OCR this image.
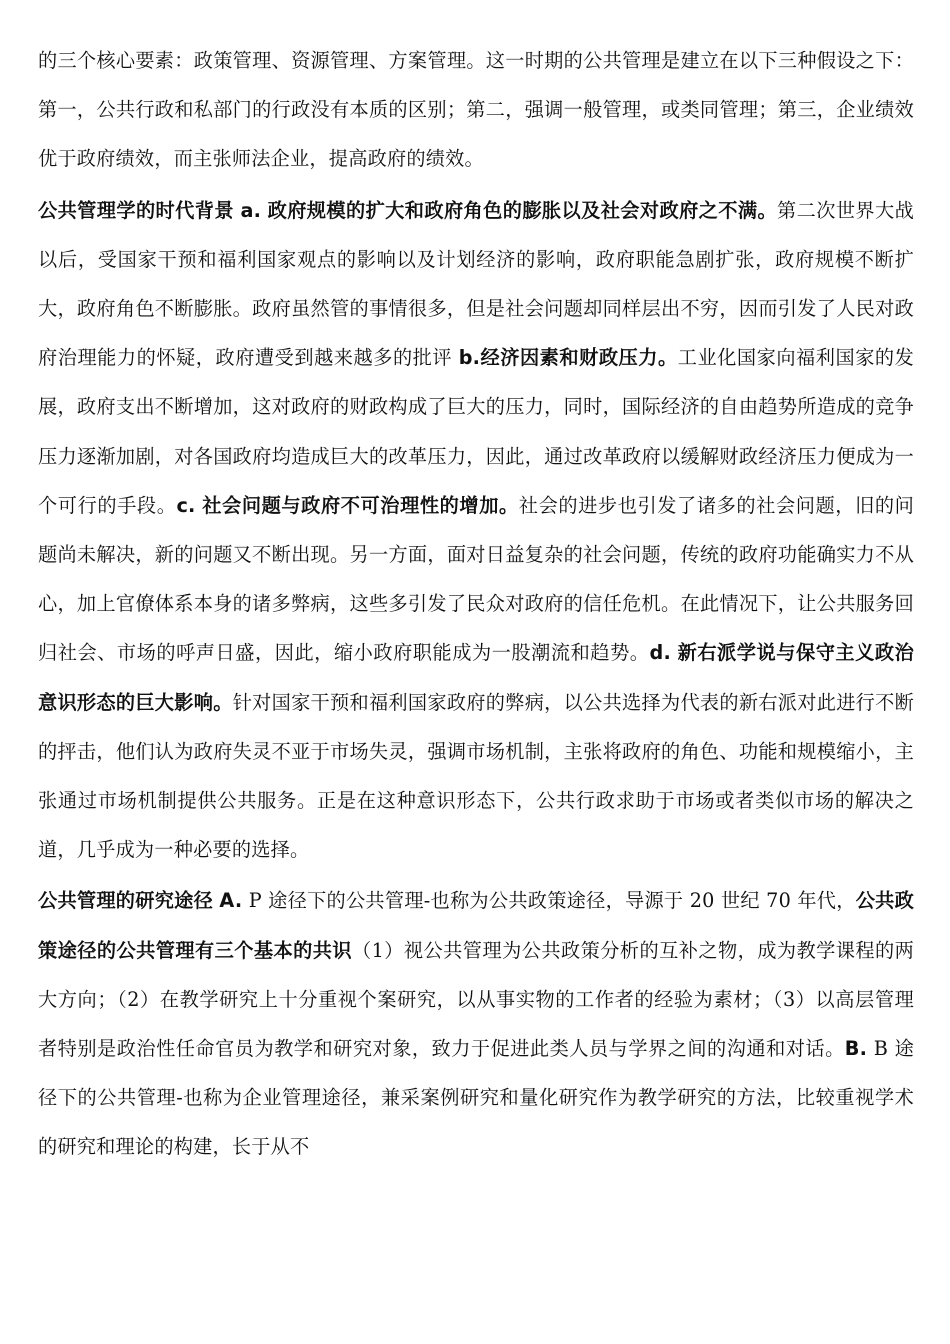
的三个核心要素：政策管理、资源管理、方案管理。这一时期的公共管理是建立在以下三种假设之下：第一，公共行政和私部门的行政没有本质的区别；第二，强调一般管理，或类同管理；第三，企业绩效优于政府绩效，而主张师法企业，提高政府的绩效。

公共管理学的时代背景 a. 政府规模的扩大和政府角色的膨胀以及社会对政府之不满。第二次世界大战以后，受国家干预和福利国家观点的影响以及计划经济的影响，政府职能急剧扩张，政府规模不断扩大，政府角色不断膨胀。政府虽然管的事情很多，但是社会问题却同样层出不穷，因而引发了人民对政府治理能力的怀疑，政府遭受到越来越多的批评 b.经济因素和财政压力。工业化国家向福利国家的发展，政府支出不断增加，这对政府的财政构成了巨大的压力，同时，国际经济的自由趋势所造成的竞争压力逐渐加剧，对各国政府均造成巨大的改革压力，因此，通过改革政府以缓解财政经济压力便成为一个可行的手段。c. 社会问题与政府不可治理性的增加。社会的进步也引发了诸多的社会问题，旧的问题尚未解决，新的问题又不断出现。另一方面，面对日益复杂的社会问题，传统的政府功能确实力不从心，加上官僚体系本身的诸多弊病，这些多引发了民众对政府的信任危机。在此情况下，让公共服务回归社会、市场的呼声日盛，因此，缩小政府职能成为一股潮流和趋势。d. 新右派学说与保守主义政治意识形态的巨大影响。针对国家干预和福利国家政府的弊病，以公共选择为代表的新右派对此进行不断的抨击，他们认为政府失灵不亚于市场失灵，强调市场机制，主张将政府的角色、功能和规模缩小，主张通过市场机制提供公共服务。正是在这种意识形态下，公共行政求助于市场或者类似市场的解决之道，几乎成为一种必要的选择。

公共管理的研究途径 A. P 途径下的公共管理-也称为公共政策途径，导源于 20 世纪 70 年代，公共政策途径的公共管理有三个基本的共识（1）视公共管理为公共政策分析的互补之物，成为教学课程的两大方向；（2）在教学研究上十分重视个案研究，以从事实物的工作者的经验为素材；（3）以高层管理者特别是政治性任命官员为教学和研究对象，致力于促进此类人员与学界之间的沟通和对话。B. B 途径下的公共管理-也称为企业管理途径，兼采案例研究和量化研究作为教学研究的方法，比较重视学术的研究和理论的构建，长于从不
